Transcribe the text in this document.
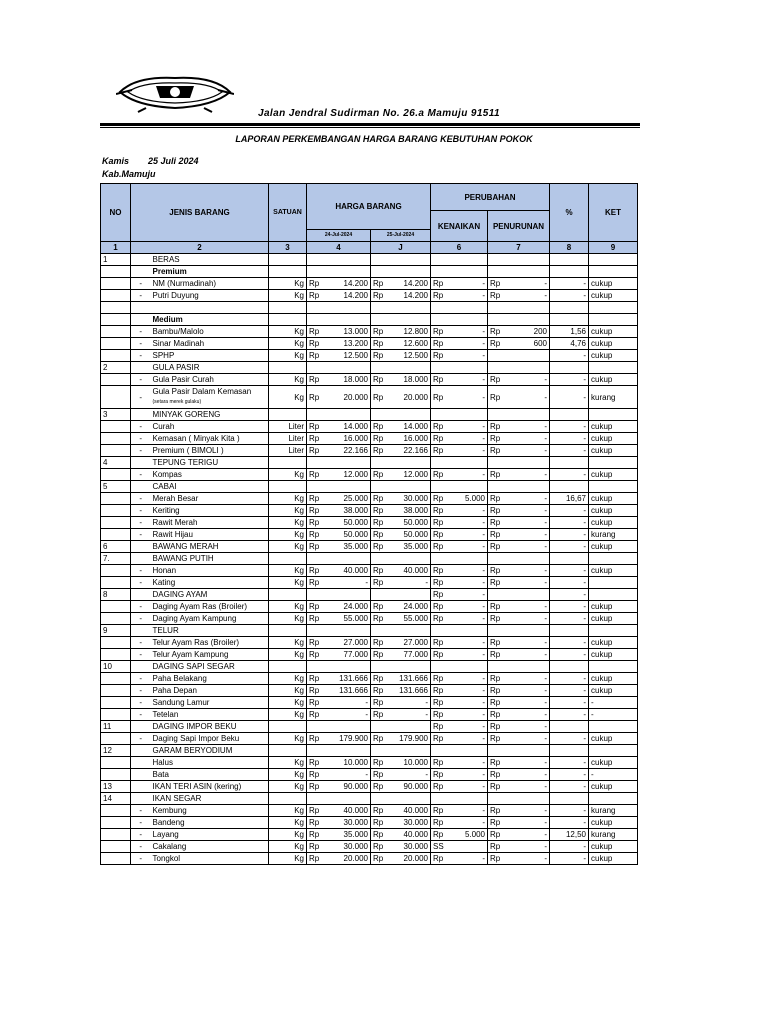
Jalan Jendral Sudirman No. 26.a Mamuju 91511
LAPORAN PERKEMBANGAN HARGA BARANG KEBUTUHAN POKOK
Kamis 25 Juli 2024
Kab.Mamuju
NO	JENIS BARANG		SATUAN	HARGA BARANG				PERUBAHAN				%	KET
								KENAIKAN		PENURUNAN			
				24-Jul-2024		25-Jul-2024							
1	2		3	4		J		6		7		8	9
1		BERAS											
		Premium											
	-	NM (Nurmadinah)	Kg	Rp	14.200	Rp	14.200	Rp	-	Rp	-	-	cukup
	-	Putri Duyung	Kg	Rp	14.200	Rp	14.200	Rp	-	Rp	-	-	cukup

		Medium											
	-	Bambu/Malolo	Kg	Rp	13.000	Rp	12.800	Rp	-	Rp	200	1,56	cukup
	-	Sinar Madinah	Kg	Rp	13.200	Rp	12.600	Rp	-	Rp	600	4,76	cukup
	-	SPHP	Kg	Rp	12.500	Rp	12.500	Rp	-			-	cukup
2		GULA PASIR											
	-	Gula Pasir Curah	Kg	Rp	18.000	Rp	18.000	Rp	-	Rp	-	-	cukup
	-	Gula Pasir Dalam Kemasan
(setara merek gulaku)	Kg	Rp	20.000	Rp	20.000	Rp	-	Rp	-	-	kurang
3		MINYAK GORENG											
	-	Curah	Liter	Rp	14.000	Rp	14.000	Rp	-	Rp	-	-	cukup
	-	Kemasan ( Minyak Kita )	Liter	Rp	16.000	Rp	16.000	Rp	-	Rp	-	-	cukup
	-	Premium ( BIMOLI )	Liter	Rp	22.166	Rp	22.166	Rp	-	Rp	-	-	cukup
4		TEPUNG TERIGU											
	-	Kompas	Kg	Rp	12.000	Rp	12.000	Rp	-	Rp	-	-	cukup
5		CABAI											
	-	Merah Besar	Kg	Rp	25.000	Rp	30.000	Rp	5.000	Rp	-	16,67	cukup
	-	Keriting	Kg	Rp	38.000	Rp	38.000	Rp	-	Rp	-	-	cukup
	-	Rawit Merah	Kg	Rp	50.000	Rp	50.000	Rp	-	Rp	-	-	cukup
	-	Rawit Hijau	Kg	Rp	50.000	Rp	50.000	Rp	-	Rp	-	-	kurang
6		BAWANG MERAH	Kg	Rp	35.000	Rp	35.000	Rp	-	Rp	-	-	cukup
7.		BAWANG PUTIH											
	-	Honan	Kg	Rp	40.000	Rp	40.000	Rp	-	Rp	-	-	cukup
	-	Kating	Kg	Rp	-	Rp	-	Rp	-	Rp	-	-	
8		DAGING AYAM						Rp	-			-	
	-	Daging Ayam Ras (Broiler)	Kg	Rp	24.000	Rp	24.000	Rp	-	Rp	-	-	cukup
	-	Daging Ayam Kampung	Kg	Rp	55.000	Rp	55.000	Rp	-	Rp	-	-	cukup
9		TELUR											
	-	Telur Ayam Ras (Broiler)	Kg	Rp	27.000	Rp	27.000	Rp	-	Rp	-	-	cukup
	-	Telur Ayam Kampung	Kg	Rp	77.000	Rp	77.000	Rp	-	Rp	-	-	cukup
10		DAGING SAPI SEGAR											
	-	Paha Belakang	Kg	Rp	131.666	Rp	131.666	Rp	-	Rp	-	-	cukup
	-	Paha Depan	Kg	Rp	131.666	Rp	131.666	Rp	-	Rp	-	-	cukup
	-	Sandung Lamur	Kg	Rp	-	Rp	-	Rp	-	Rp	-	-	-
	-	Tetelan	Kg	Rp	-	Rp	-	Rp	-	Rp	-	-	-
11		DAGING IMPOR BEKU						Rp	-	Rp	-		
	-	Daging Sapi Impor Beku	Kg	Rp	179.900	Rp	179.900	Rp	-	Rp	-	-	cukup
12		GARAM BERYODIUM											
		Halus	Kg	Rp	10.000	Rp	10.000	Rp	-	Rp	-	-	cukup
		Bata	Kg	Rp	-	Rp	-	Rp	-	Rp	-	-	-
13		IKAN TERI ASIN (kering)	Kg	Rp	90.000	Rp	90.000	Rp	-	Rp	-	-	cukup
14		IKAN SEGAR											
	-	Kembung	Kg	Rp	40.000	Rp	40.000	Rp	-	Rp	-	-	kurang
	-	Bandeng	Kg	Rp	30.000	Rp	30.000	Rp	-	Rp	-	-	cukup
	-	Layang	Kg	Rp	35.000	Rp	40.000	Rp	5.000	Rp	-	12,50	kurang
	-	Cakalang	Kg	Rp	30.000	Rp	30.000	SS		Rp	-	-	cukup
	-	Tongkol	Kg	Rp	20.000	Rp	20.000	Rp	-	Rp	-	-	cukup
